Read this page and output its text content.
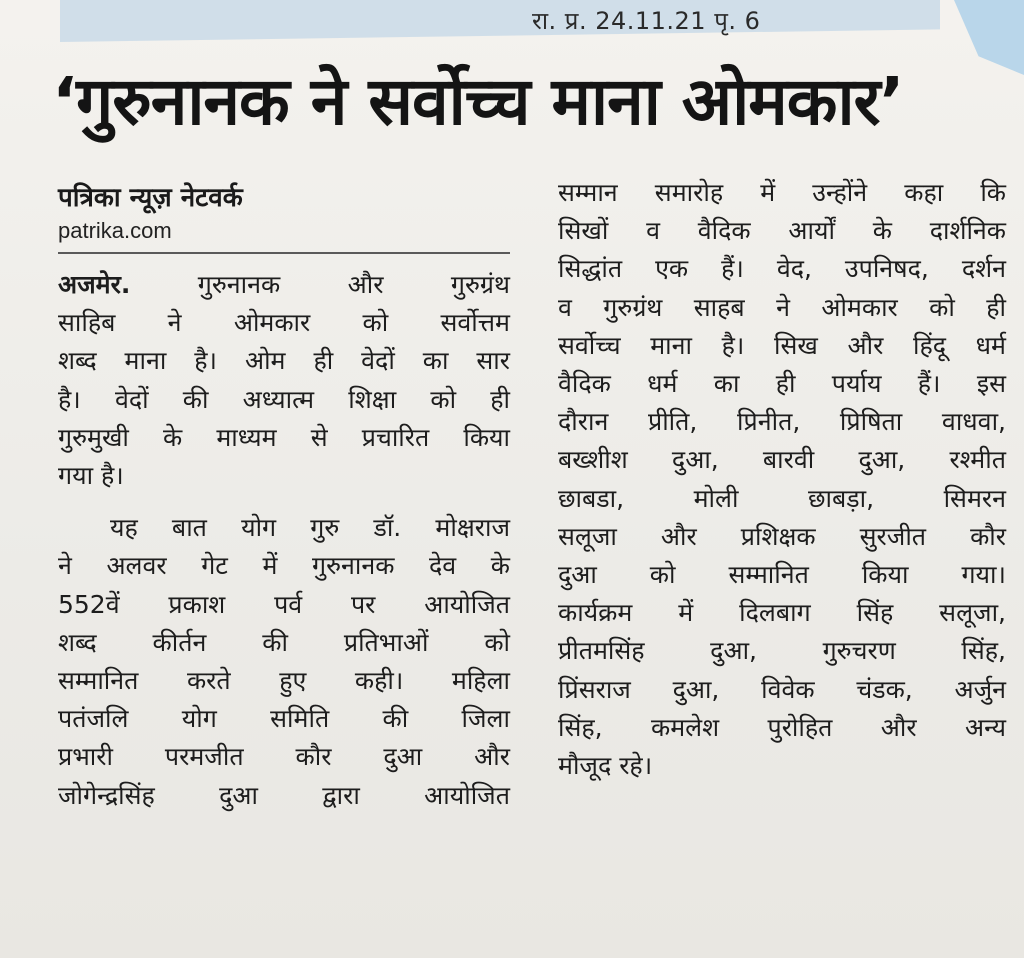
रा. प्र. 24.11.21 पृ. 6
‘गुरुनानक ने सर्वोच्च माना ओमकार’
पत्रिका न्यूज़ नेटवर्क
patrika.com
अजमेर. गुरुनानक और गुरुग्रंथ
साहिब ने ओमकार को सर्वोत्तम
शब्द माना है। ओम ही वेदों का सार
है। वेदों की अध्यात्म शिक्षा को ही
गुरुमुखी के माध्यम से प्रचारित किया
गया है।
यह बात योग गुरु डॉ. मोक्षराज
ने अलवर गेट में गुरुनानक देव के
552वें प्रकाश पर्व पर आयोजित
शब्द कीर्तन की प्रतिभाओं को
सम्मानित करते हुए कही। महिला
पतंजलि योग समिति की जिला
प्रभारी परमजीत कौर दुआ और
जोगेन्द्रसिंह दुआ द्वारा आयोजित
सम्मान समारोह में उन्होंने कहा कि
सिखों व वैदिक आर्यों के दार्शनिक
सिद्धांत एक हैं। वेद, उपनिषद, दर्शन
व गुरुग्रंथ साहब ने ओमकार को ही
सर्वोच्च माना है। सिख और हिंदू धर्म
वैदिक धर्म का ही पर्याय हैं। इस
दौरान प्रीति, प्रिनीत, प्रिषिता वाधवा,
बख्शीश दुआ, बारवी दुआ, रश्मीत
छाबडा, मोली छाबड़ा, सिमरन
सलूजा और प्रशिक्षक सुरजीत कौर
दुआ को सम्मानित किया गया।
कार्यक्रम में दिलबाग सिंह सलूजा,
प्रीतमसिंह दुआ, गुरुचरण सिंह,
प्रिंसराज दुआ, विवेक चंडक, अर्जुन
सिंह, कमलेश पुरोहित और अन्य
मौजूद रहे।
